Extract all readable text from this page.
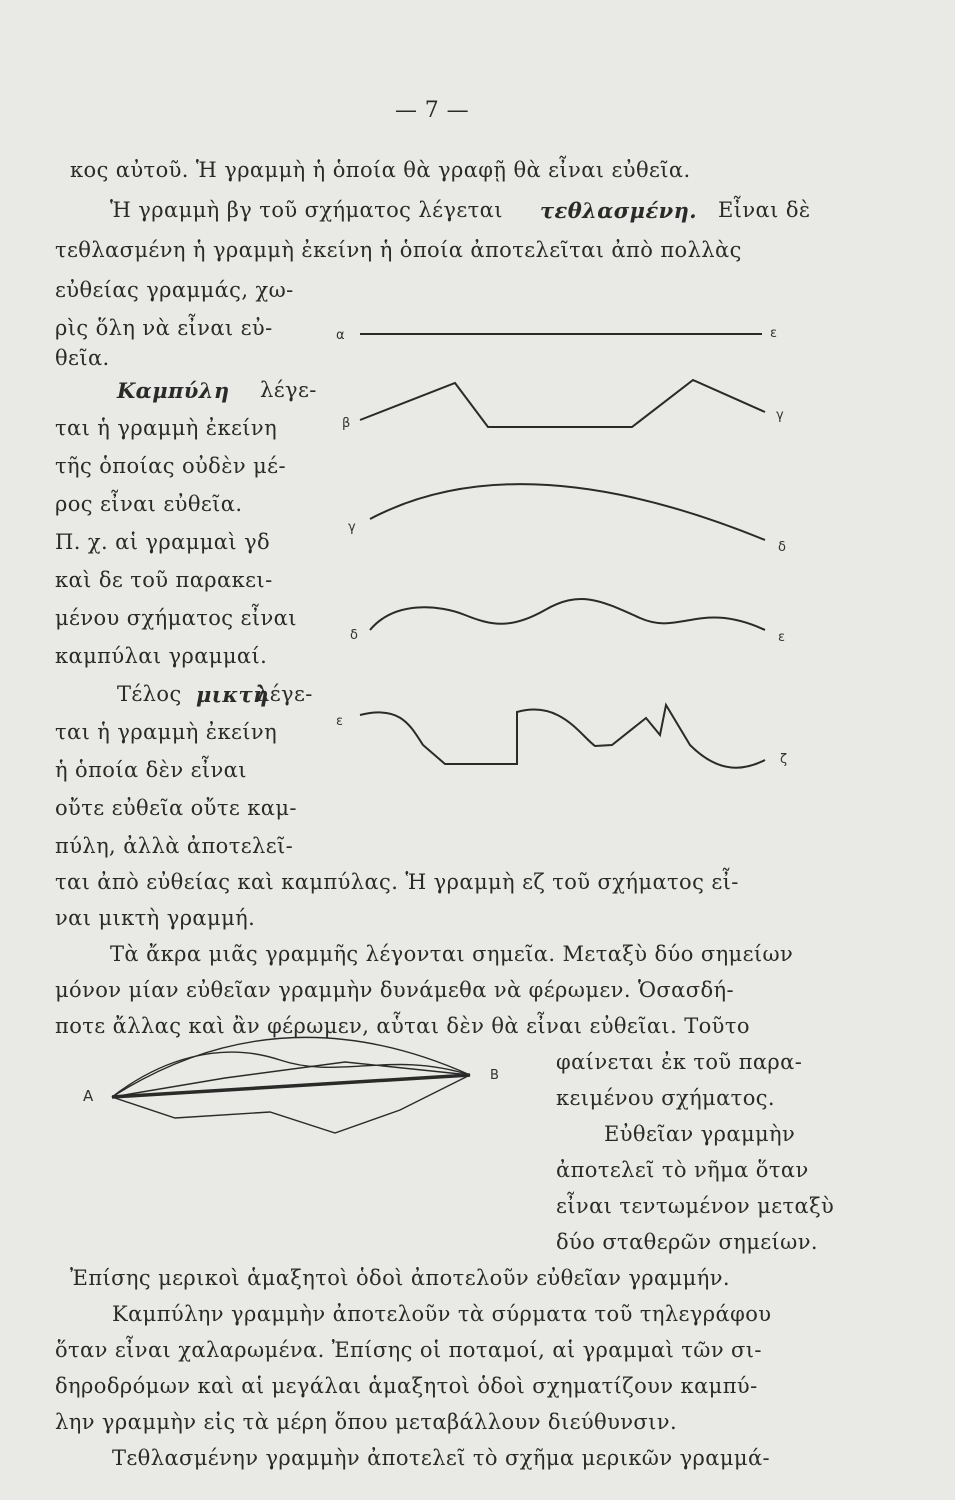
— 7 —
κος αὐτοῦ. Ἡ γραμμὴ ἡ ὁποία θὰ γραφῇ θὰ εἶναι εὐθεῖα.
Ἡ γραμμὴ βγ τοῦ σχήματος λέγεται τεθλασμένη. Εἶναι δὲ
τεθλασμένη ἡ γραμμὴ ἐκείνη ἡ ὁποία ἀποτελεῖται ἀπὸ πολλὰς
εὐθείας γραμμάς, χω-
ρὶς ὅλη νὰ εἶναι εὐ-
θεῖα.
Καμπύλη λέγε-
ται ἡ γραμμὴ ἐκείνη
τῆς ὁποίας οὐδὲν μέ-
ρος εἶναι εὐθεῖα.
Π. χ. αἱ γραμμαὶ γδ
καὶ δε τοῦ παρακει-
μένου σχήματος εἶναι
καμπύλαι γραμμαί.
Τέλος μικτὴ
λέγε-
ται ἡ γραμμὴ ἐκείνη
ἡ ὁποία δὲν εἶναι
οὔτε εὐθεῖα οὔτε καμ-
πύλη, ἀλλὰ ἀποτελεῖ-
ται ἀπὸ εὐθείας καὶ καμπύλας. Ἡ γραμμὴ εζ τοῦ σχήματος εἶ-
ναι μικτὴ γραμμή.
Τὰ ἄκρα μιᾶς γραμμῆς λέγονται σημεῖα. Μεταξὺ δύο σημείων
μόνον μίαν εὐθεῖαν γραμμὴν δυνάμεθα νὰ φέρωμεν. Ὁσασδή-
ποτε ἄλλας καὶ ἂν φέρωμεν, αὗται δὲν θὰ εἶναι εὐθεῖαι. Τοῦτο
φαίνεται ἐκ τοῦ παρα-
κειμένου σχήματος.
Εὐθεῖαν γραμμὴν
ἀποτελεῖ τὸ νῆμα ὅταν
εἶναι τεντωμένον μεταξὺ
δύο σταθερῶν σημείων.
Ἐπίσης μερικοὶ ἁμαξητοὶ ὁδοὶ ἀποτελοῦν εὐθεῖαν γραμμήν.
Καμπύλην γραμμὴν ἀποτελοῦν τὰ σύρματα τοῦ τηλεγράφου
ὅταν εἶναι χαλαρωμένα. Ἐπίσης οἱ ποταμοί, αἱ γραμμαὶ τῶν σι-
δηροδρόμων καὶ αἱ μεγάλαι ἁμαξητοὶ ὁδοὶ σχηματίζουν καμπύ-
λην γραμμὴν εἰς τὰ μέρη ὅπου μεταβάλλουν διεύθυνσιν.
Τεθλασμένην γραμμὴν ἀποτελεῖ τὸ σχῆμα μερικῶν γραμμά-
α	ε
β
γ
γ
δ
δ	ε
ε
ζ
Α
Β
